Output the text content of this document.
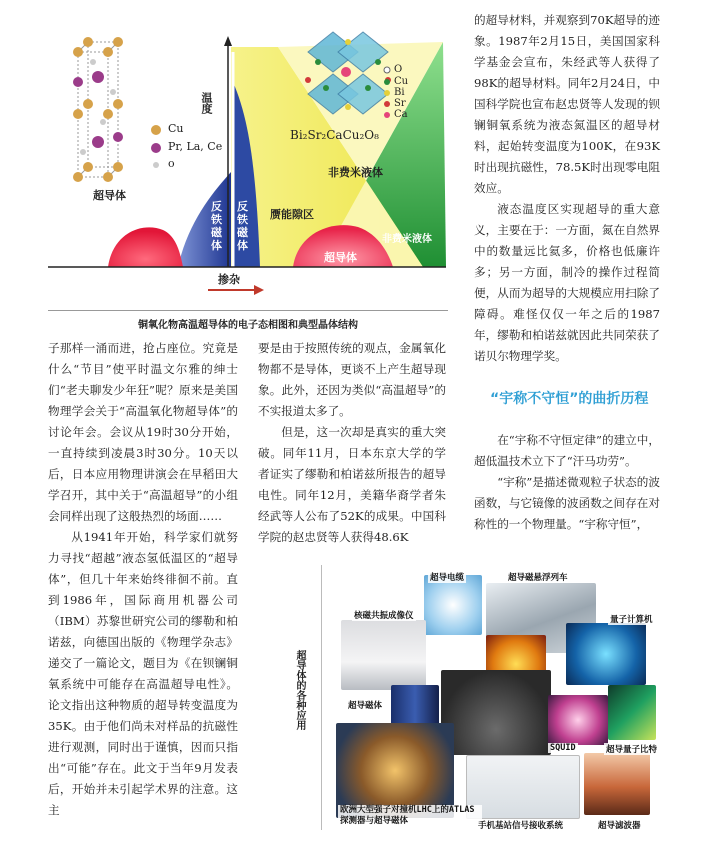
温度
掺杂
Cu
Pr, La, Ce
o
O
Cu
Bi
Sr
Ca
Bi₂Sr₂CaCu₂O₈
超导体
反铁磁体
反铁磁体
赝能隙区
非费米液体
非费米液体
超导体
铜氧化物高温超导体的电子态相图和典型晶体结构

子那样一涌而进，抢占座位。究竟是什么“节目”使平时温文尔雅的绅士们“老夫聊发少年狂”呢？原来是美国物理学会关于“高温氧化物超导体”的讨论年会。会议从19时30分开始，一直持续到凌晨3时30分。10天以后，日本应用物理讲演会在早稻田大学召开，其中关于“高温超导”的小组会同样出现了这般热烈的场面……

从1941年开始，科学家们就努力寻找“超越”液态氢低温区的“超导体”，但几十年来始终徘徊不前。直到1986年，国际商用机器公司（IBM）苏黎世研究公司的缪勒和柏诺兹，向德国出版的《物理学杂志》递交了一篇论文，题目为《在钡镧铜氧系统中可能存在高温超导电性》。论文指出这种物质的超导转变温度为35K。由于他们尚未对样品的抗磁性进行观测，同时出于谨慎，因而只指出“可能”存在。此文于当年9月发表后，开始并未引起学术界的注意。这主

要是由于按照传统的观点，金属氧化物都不是导体，更谈不上产生超导现象。此外，还因为类似“高温超导”的不实报道太多了。

但是，这一次却是真实的重大突破。同年11月，日本东京大学的学者证实了缪勒和柏诺兹所报告的超导电性。同年12月，美籍华裔学者朱经武等人公布了52K的成果。中国科学院的赵忠贤等人获得48.6K

的超导材料，并观察到70K超导的迹象。1987年2月15日，美国国家科学基金会宣布，朱经武等人获得了98K的超导材料。同年2月24日，中国科学院也宣布赵忠贤等人发现的钡镧铜氧系统为液态氮温区的超导材料，起始转变温度为100K，在93K时出现抗磁性，78.5K时出现零电阻效应。

液态温度区实现超导的重大意义，主要在于：一方面，氮在自然界中的数量远比氦多，价格也低廉许多；另一方面，制冷的操作过程简便，从而为超导的大规模应用扫除了障碍。难怪仅仅一年之后的1987年，缪勒和柏诺兹就因此共同荣获了诺贝尔物理学奖。

“宇称不守恒”的曲折历程

在“宇称不守恒定律”的建立中，超低温技术立下了“汗马功劳”。

“宇称”是描述微观粒子状态的波函数，与它镜像的波函数之间存在对称性的一个物理量。“宇称守恒”，

超导体的各种应用
超导电缆	超导磁悬浮列车
核磁共振成像仪	量子计算机
超导磁体
SQUID	超导量子比特
欧洲大型强子对撞机LHC上的ATLAS探测器与超导磁体	手机基站信号接收系统	超导滤波器
